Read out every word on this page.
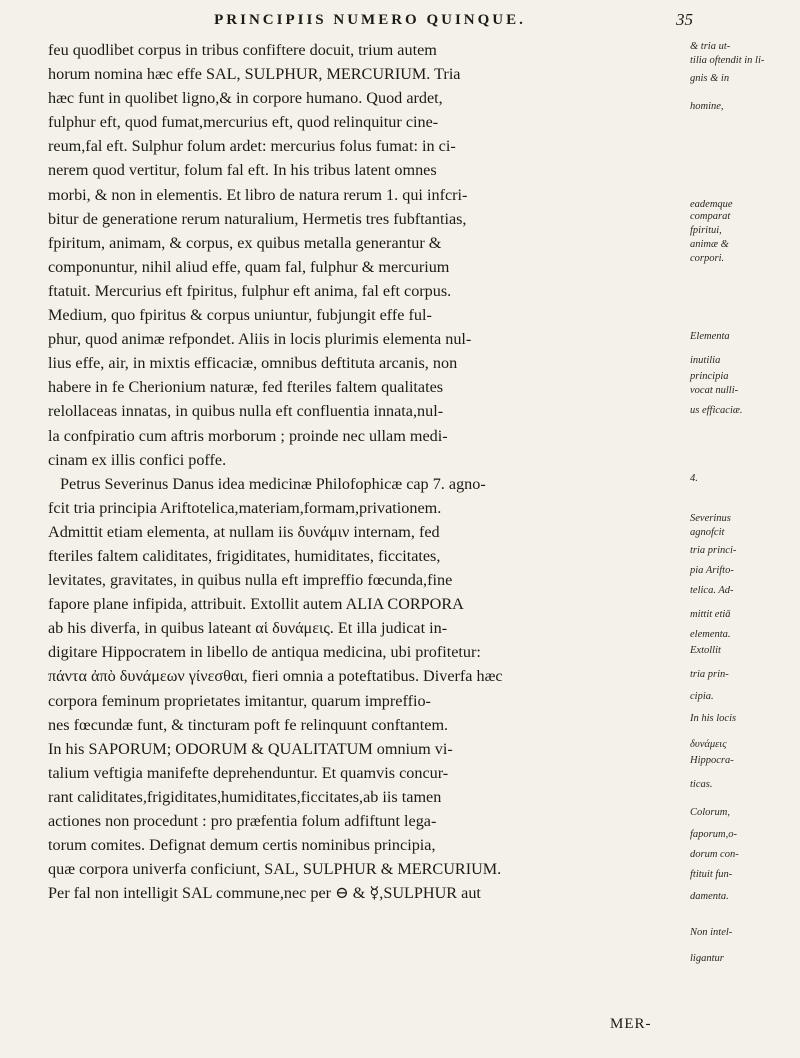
PRINCIPIIS NUMERO QUINQUE.	35
feu quodlibet corpus in tribus confiftere docuit, trium autem
horum nomina hæc effe SAL, SULPHUR, MERCURIUM. Tria
hæc funt in quolibet ligno,& in corpore humano. Quod ardet,
fulphur eft, quod fumat,mercurius eft, quod relinquitur cine-
reum,fal eft. Sulphur folum ardet: mercurius folus fumat: in ci-
nerem quod vertitur, folum fal eft. In his tribus latent omnes
morbi, & non in elementis. Et libro de natura rerum 1. qui infcri-
bitur de generatione rerum naturalium, Hermetis tres fubftantias,
fpiritum, animam, & corpus, ex quibus metalla generantur &
componuntur, nihil aliud effe, quam fal, fulphur & mercurium
ftatuit. Mercurius eft fpiritus, fulphur eft anima, fal eft corpus.
Medium, quo fpiritus & corpus uniuntur, fubjungit effe ful-
phur, quod animæ refpondet. Aliis in locis plurimis elementa nul-
lius effe, air, in mixtis efficaciæ, omnibus deftituta arcanis, non
habere in fe Cherionium naturæ, fed fteriles faltem qualitates
relollaceas innatas, in quibus nulla eft confluentia innata,nul-
la confpiratio cum aftris morborum ; proinde nec ullam medi-
cinam ex illis confici poffe.
Petrus Severinus Danus idea medicinæ Philofophicæ cap 7. agno-
fcit tria principia Ariftotelica,materiam,formam,privationem.
Admittit etiam elementa, at nullam iis δυνάμιν internam, fed
fteriles faltem caliditates, frigiditates, humiditates, ficcitates,
levitates, gravitates, in quibus nulla eft impreffio fœcunda,fine
fapore plane infipida, attribuit. Extollit autem ALIA CORPORA
ab his diverfa, in quibus lateant αἱ δυνάμεις. Et illa judicat in-
digitare Hippocratem in libello de antiqua medicina, ubi profitetur:
πάντα ἀπὸ δυνάμεων γίνεσθαι, fieri omnia a poteftatibus. Diverfa hæc
corpora feminum proprietates imitantur, quarum impreffio-
nes fœcundæ funt, & tincturam poft fe relinquunt conftantem.
In his SAPORUM; ODORUM & QUALITATUM omnium vi-
talium veftigia manifefte deprehenduntur. Et quamvis concur-
rant caliditates,frigiditates,humiditates,ficcitates,ab iis tamen
actiones non procedunt : pro præfentia folum adfiftunt lega-
torum comites. Defignat demum certis nominibus principia,
quæ corpora univerfa conficiunt, SAL, SULPHUR & MERCURIUM.
Per fal non intelligit SAL commune,nec per ⊖ & ☿,SULPHUR aut
& tria ut-
tilia oftendit in li-
gnis & in
homine,
eademque
comparat
fpiritui,
animæ &
corpori.
Elementa
inutilia
principia
vocat nulli-
us efficaciæ.
4.
Severinus
agnofcit
tria princi-
pia Arifto-
telica. Ad-
mittit etiā
elementa.
Extollit
tria prin-
cipia.
In his locis
δυνάμεις
Hippocra-
ticas.
Colorum,
faporum,o-
dorum con-
ftituit fun-
damenta.
Non intel-
ligantur
MER-
